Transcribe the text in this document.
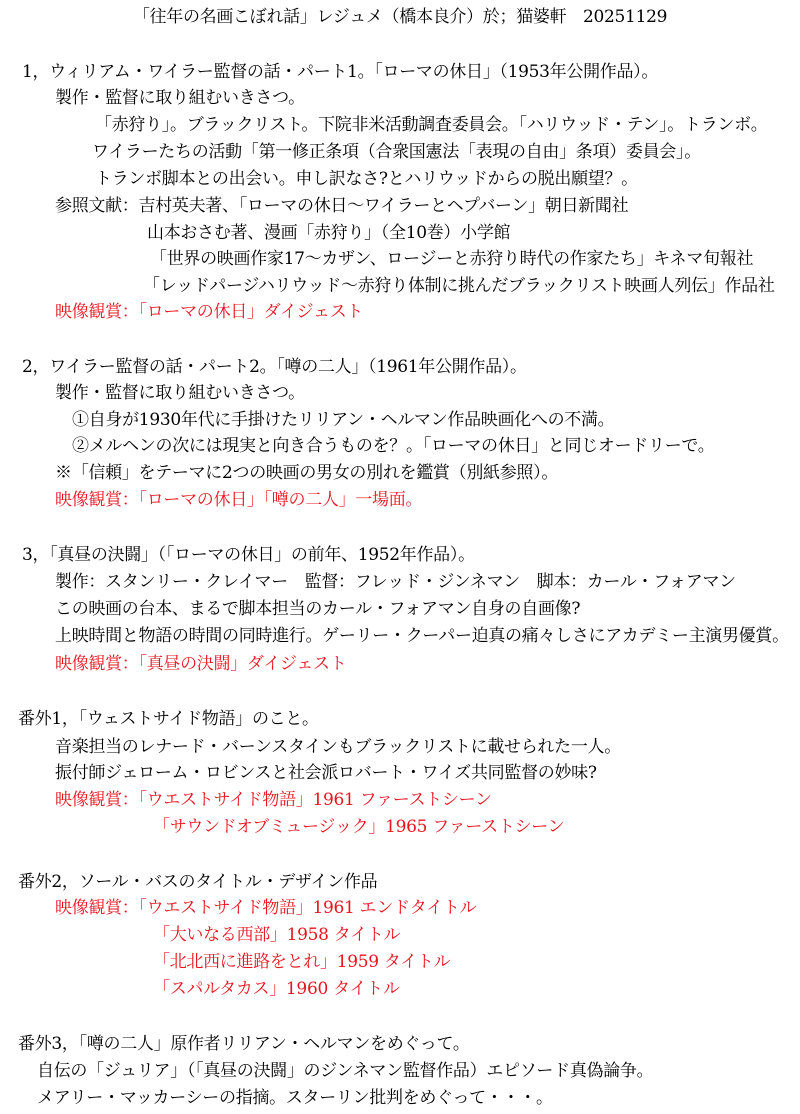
「往年の名画こぼれ話」レジュメ（橋本良介）於；猫婆軒　20251129
1，ウィリアム・ワイラー監督の話・パート1。「ローマの休日」（1953年公開作品）。
製作・監督に取り組むいきさつ。
「赤狩り」。ブラックリスト。下院非米活動調査委員会。「ハリウッド・テン」。トランボ。
ワイラーたちの活動「第一修正条項（合衆国憲法「表現の自由」条項）委員会」。
トランボ脚本との出会い。申し訳なさ?とハリウッドからの脱出願望？。
参照文献：吉村英夫著、「ローマの休日～ワイラーとヘプバーン」朝日新聞社
山本おさむ著、漫画「赤狩り」（全10巻）小学館
「世界の映画作家17～カザン、ロージーと赤狩り時代の作家たち」キネマ旬報社
「レッドパージハリウッド～赤狩り体制に挑んだブラックリスト映画人列伝」作品社
映像観賞：「ローマの休日」ダイジェスト
2，ワイラー監督の話・パート2。「噂の二人」（1961年公開作品）。
製作・監督に取り組むいきさつ。
①自身が1930年代に手掛けたリリアン・ヘルマン作品映画化への不満。
②メルヘンの次には現実と向き合うものを？。「ローマの休日」と同じオードリーで。
※「信頼」をテーマに2つの映画の男女の別れを鑑賞（別紙参照）。
映像観賞：「ローマの休日」「噂の二人」一場面。
3，「真昼の決闘」（「ローマの休日」の前年、1952年作品）。
製作：スタンリー・クレイマー　監督：フレッド・ジンネマン　脚本：カール・フォアマン
この映画の台本、まるで脚本担当のカール・フォアマン自身の自画像?
上映時間と物語の時間の同時進行。ゲーリー・クーパー迫真の痛々しさにアカデミー主演男優賞。
映像観賞：「真昼の決闘」ダイジェスト
番外1，「ウェストサイド物語」のこと。
音楽担当のレナード・バーンスタインもブラックリストに載せられた一人。
振付師ジェローム・ロビンスと社会派ロバート・ワイズ共同監督の妙味?
映像観賞：「ウエストサイド物語」1961 ファーストシーン
「サウンドオブミュージック」1965 ファーストシーン
番外2，ソール・バスのタイトル・デザイン作品
映像観賞：「ウエストサイド物語」1961 エンドタイトル
「大いなる西部」1958 タイトル
「北北西に進路をとれ」1959 タイトル
「スパルタカス」1960 タイトル
番外3，「噂の二人」原作者リリアン・ヘルマンをめぐって。
自伝の「ジュリア」（「真昼の決闘」のジンネマン監督作品）エピソード真偽論争。
メアリー・マッカーシーの指摘。スターリン批判をめぐって・・・。
